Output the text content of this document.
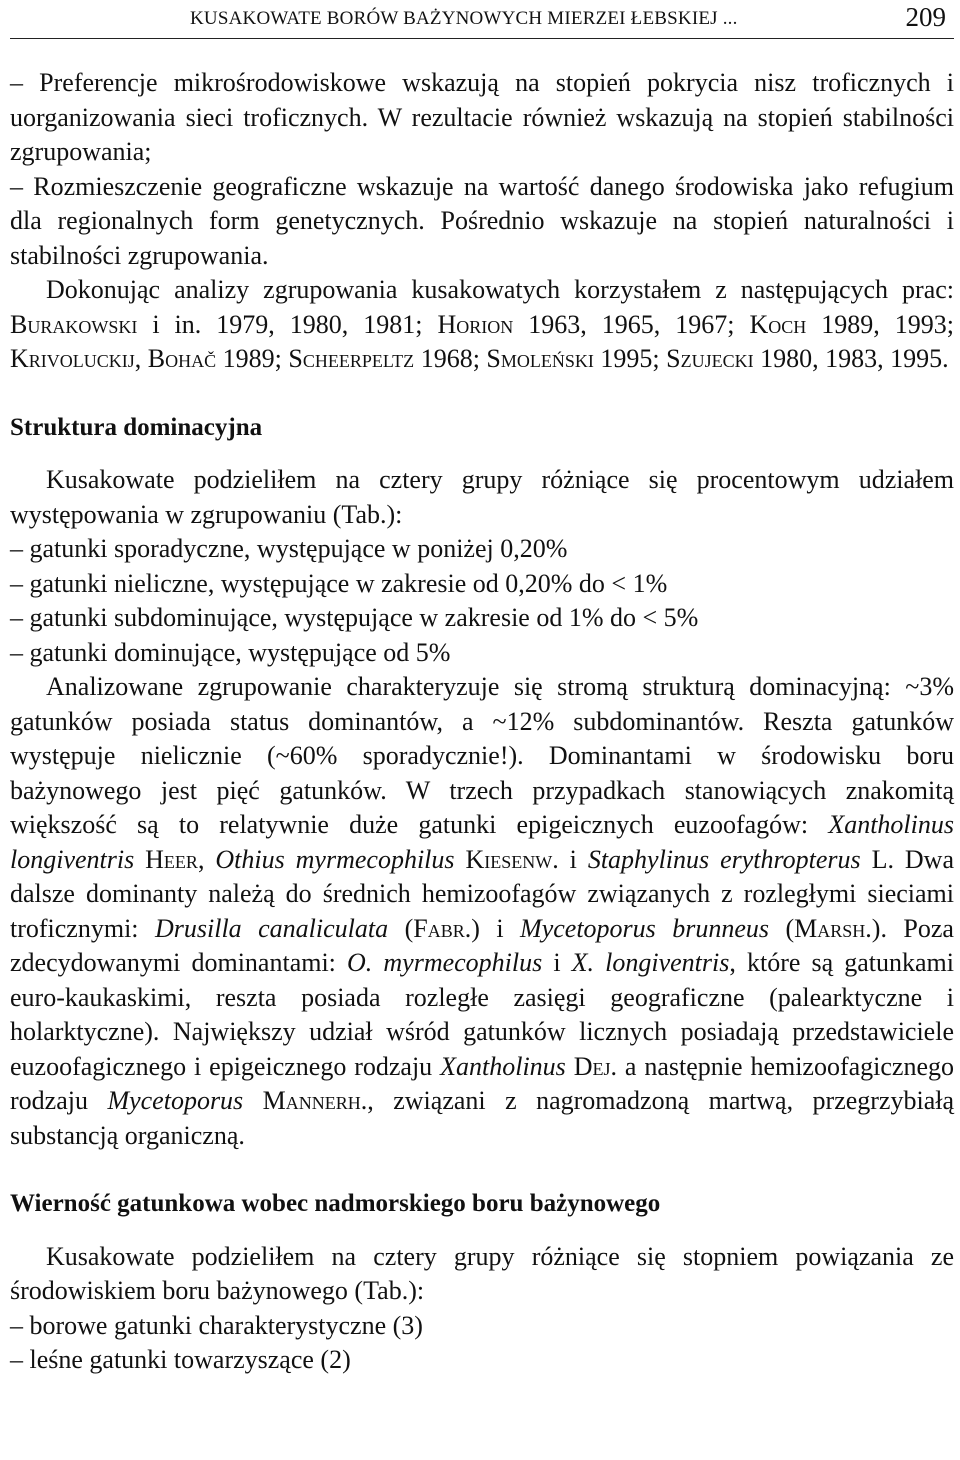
KUSAKOWATE BORÓW BAŻYNOWYCH MIERZEI ŁEBSKIEJ ...	209

– Preferencje mikrośrodowiskowe wskazują na stopień pokrycia nisz troficznych i uorganizowania sieci troficznych. W rezultacie również wskazują na stopień stabilności zgrupowania;

– Rozmieszczenie geograficzne wskazuje na wartość danego środowiska jako refugium dla regionalnych form genetycznych. Pośrednio wskazuje na stopień naturalności i stabilności zgrupowania.

Dokonując analizy zgrupowania kusakowatych korzystałem z następujących prac: Burakowski i in. 1979, 1980, 1981; Horion 1963, 1965, 1967; Koch 1989, 1993; Krivoluckij, Bohač 1989; Scheerpeltz 1968; Smoleński 1995; Szujecki 1980, 1983, 1995.

Struktura dominacyjna

Kusakowate podzieliłem na cztery grupy różniące się procentowym udziałem występowania w zgrupowaniu (Tab.):

– gatunki sporadyczne, występujące w poniżej 0,20%

– gatunki nieliczne, występujące w zakresie od 0,20% do < 1%

– gatunki subdominujące, występujące w zakresie od 1% do < 5%

– gatunki dominujące, występujące od 5%

Analizowane zgrupowanie charakteryzuje się stromą strukturą dominacyjną: ~3% gatunków posiada status dominantów, a ~12% subdominantów. Reszta gatunków występuje nielicznie (~60% sporadycznie!). Dominantami w środowisku boru bażynowego jest pięć gatunków. W trzech przypadkach stanowiących znakomitą większość są to relatywnie duże gatunki epigeicznych euzoofagów: Xantholinus longiventris Heer, Othius myrmecophilus Kiesenw. i Staphylinus erythropterus L. Dwa dalsze dominanty należą do średnich hemizoofagów związanych z rozległymi sieciami troficznymi: Drusilla canaliculata (Fabr.) i Mycetoporus brunneus (Marsh.). Poza zdecydowanymi dominantami: O. myrmecophilus i X. longiventris, które są gatunkami euro-kaukaskimi, reszta posiada rozległe zasięgi geograficzne (palearktyczne i holarktyczne). Największy udział wśród gatunków licznych posiadają przedstawiciele euzoofagicznego i epigeicznego rodzaju Xantholinus Dej. a następnie hemizoofagicznego rodzaju Mycetoporus Mannerh., związani z nagromadzoną martwą, przegrzybiałą substancją organiczną.

Wierność gatunkowa wobec nadmorskiego boru bażynowego

Kusakowate podzieliłem na cztery grupy różniące się stopniem powiązania ze środowiskiem boru bażynowego (Tab.):

– borowe gatunki charakterystyczne (3)

– leśne gatunki towarzyszące (2)
